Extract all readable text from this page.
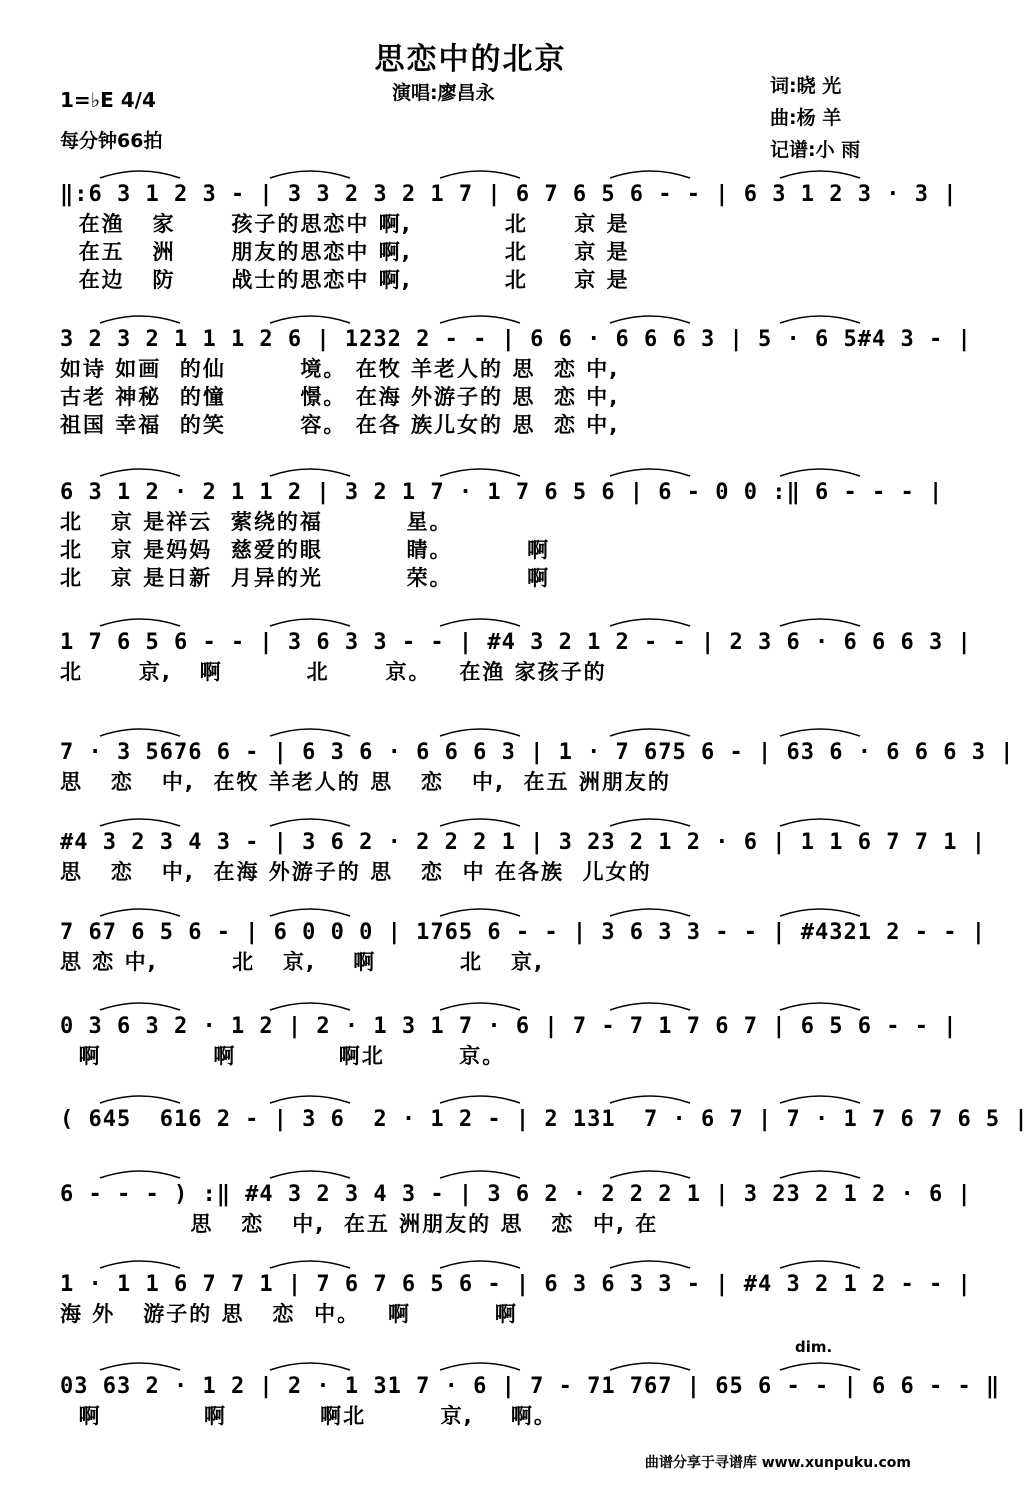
思恋中的北京
演唱:廖昌永	词:晓 光
曲:杨 羊
记谱:小 雨
1=♭E 4/4
每分钟66拍
‖:6 3 1 2 3 - | 3 3 2 3 2 1 7 | 6 7 6 5 6 - - | 6 3 1 2 3 · 3 |
在渔   家      孩子的思恋中 啊,          北     京 是
在五   洲      朋友的思恋中 啊,          北     京 是
在边   防      战士的思恋中 啊,          北     京 是
3 2 3 2 1 1 1 2 6 | 1232 2 - - | 6 6 · 6 6 6 3 | 5 · 6 5#4 3 - |
如诗 如画  的仙        境。 在牧 羊老人的 思  恋 中,
古老 神秘  的憧        憬。 在海 外游子的 思  恋 中,
祖国 幸福  的笑        容。 在各 族儿女的 思  恋 中,
6 3 1 2 · 2 1 1 2 | 3 2 1 7 · 1 7 6 5 6 | 6 - 0 0 :‖ 6 - - - |
北   京 是祥云  萦绕的福         星。
北   京 是妈妈  慈爱的眼         睛。        啊
北   京 是日新  月异的光         荣。        啊
1 7 6 5 6 - - | 3 6 3 3 - - | #4 3 2 1 2 - - | 2 3 6 · 6 6 6 3 |
北      京,   啊         北      京。   在渔 家孩子的
7 · 3 5676 6 - | 6 3 6 · 6 6 6 3 | 1 · 7 675 6 - | 63 6 · 6 6 6 3 |
思   恋   中,  在牧 羊老人的 思   恋   中,  在五 洲朋友的
#4 3 2 3 4 3 - | 3 6 2 · 2 2 2 1 | 3 23 2 1 2 · 6 | 1 1 6 7 7 1 |
思   恋   中,  在海 外游子的 思   恋  中 在各族  儿女的
7 67 6 5 6 - | 6 0 0 0 | 1765 6 - - | 3 6 3 3 - - | #4321 2 - - |
思 恋 中,        北   京,    啊         北   京,
0 3 6 3 2 · 1 2 | 2 · 1 3 1 7 · 6 | 7 - 7 1 7 6 7 | 6 5 6 - - |
啊            啊           啊北        京。
( 645  616 2 - | 3 6  2 · 1 2 - | 2 131  7 · 6 7 | 7 · 1 7 6 7 6 5 |
6 - - - ) :‖ #4 3 2 3 4 3 - | 3 6 2 · 2 2 2 1 | 3 23 2 1 2 · 6 |
思   恋   中,  在五 洲朋友的 思   恋  中, 在
1 · 1 1 6 7 7 1 | 7 6 7 6 5 6 - | 6 3 6 3 3 - | #4 3 2 1 2 - - |
海 外   游子的 思   恋  中。   啊         啊
03 63 2 · 1 2 | 2 · 1 31 7 · 6 | 7 - 71 767 | 65 6 - - | 6 6 - - ‖
啊           啊          啊北        京,    啊。
dim.
曲谱分享于寻谱库 www.xunpuku.com
